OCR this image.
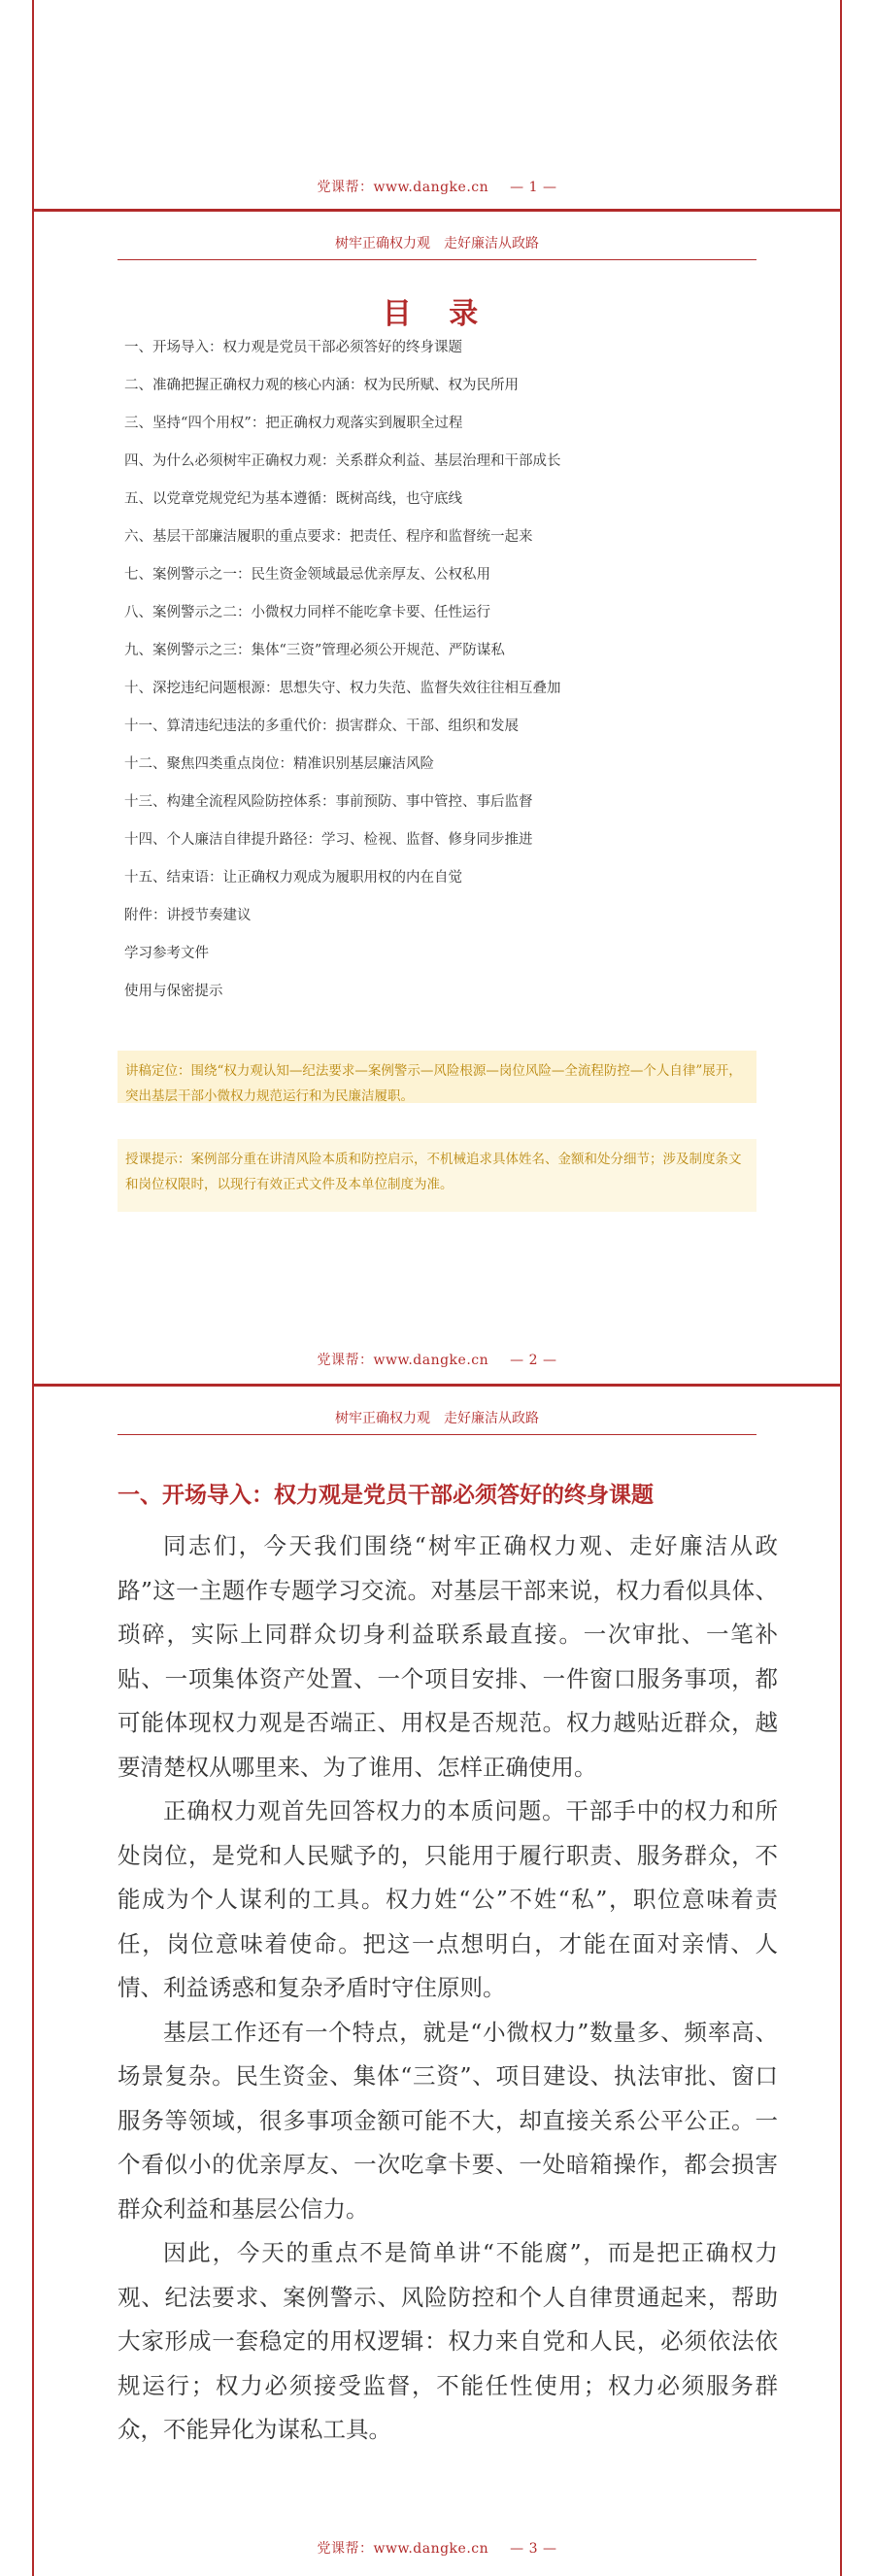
党课帮：www.dangke.cn — 1 —
树牢正确权力观　走好廉洁从政路
目 录
一、开场导入：权力观是党员干部必须答好的终身课题
二、准确把握正确权力观的核心内涵：权为民所赋、权为民所用
三、坚持“四个用权”：把正确权力观落实到履职全过程
四、为什么必须树牢正确权力观：关系群众利益、基层治理和干部成长
五、以党章党规党纪为基本遵循：既树高线，也守底线
六、基层干部廉洁履职的重点要求：把责任、程序和监督统一起来
七、案例警示之一：民生资金领域最忌优亲厚友、公权私用
八、案例警示之二：小微权力同样不能吃拿卡要、任性运行
九、案例警示之三：集体“三资”管理必须公开规范、严防谋私
十、深挖违纪问题根源：思想失守、权力失范、监督失效往往相互叠加
十一、算清违纪违法的多重代价：损害群众、干部、组织和发展
十二、聚焦四类重点岗位：精准识别基层廉洁风险
十三、构建全流程风险防控体系：事前预防、事中管控、事后监督
十四、个人廉洁自律提升路径：学习、检视、监督、修身同步推进
十五、结束语：让正确权力观成为履职用权的内在自觉
附件：讲授节奏建议
学习参考文件
使用与保密提示
讲稿定位：围绕“权力观认知—纪法要求—案例警示—风险根源—岗位风险—全流程防控—个人自律”展开，突出基层干部小微权力规范运行和为民廉洁履职。
授课提示：案例部分重在讲清风险本质和防控启示，不机械追求具体姓名、金额和处分细节；涉及制度条文和岗位权限时，以现行有效正式文件及本单位制度为准。
党课帮：www.dangke.cn — 2 —
树牢正确权力观　走好廉洁从政路
一、开场导入：权力观是党员干部必须答好的终身课题

同志们，今天我们围绕“树牢正确权力观、走好廉洁从政路”这一主题作专题学习交流。对基层干部来说，权力看似具体、琐碎，实际上同群众切身利益联系最直接。一次审批、一笔补贴、一项集体资产处置、一个项目安排、一件窗口服务事项，都可能体现权力观是否端正、用权是否规范。权力越贴近群众，越要清楚权从哪里来、为了谁用、怎样正确使用。

正确权力观首先回答权力的本质问题。干部手中的权力和所处岗位，是党和人民赋予的，只能用于履行职责、服务群众，不能成为个人谋利的工具。权力姓“公”不姓“私”，职位意味着责任，岗位意味着使命。把这一点想明白，才能在面对亲情、人情、利益诱惑和复杂矛盾时守住原则。

基层工作还有一个特点，就是“小微权力”数量多、频率高、场景复杂。民生资金、集体“三资”、项目建设、执法审批、窗口服务等领域，很多事项金额可能不大，却直接关系公平公正。一个看似小的优亲厚友、一次吃拿卡要、一处暗箱操作，都会损害群众利益和基层公信力。

因此，今天的重点不是简单讲“不能腐”，而是把正确权力观、纪法要求、案例警示、风险防控和个人自律贯通起来，帮助大家形成一套稳定的用权逻辑：权力来自党和人民，必须依法依规运行；权力必须接受监督，不能任性使用；权力必须服务群众，不能异化为谋私工具。

党课帮：www.dangke.cn — 3 —
